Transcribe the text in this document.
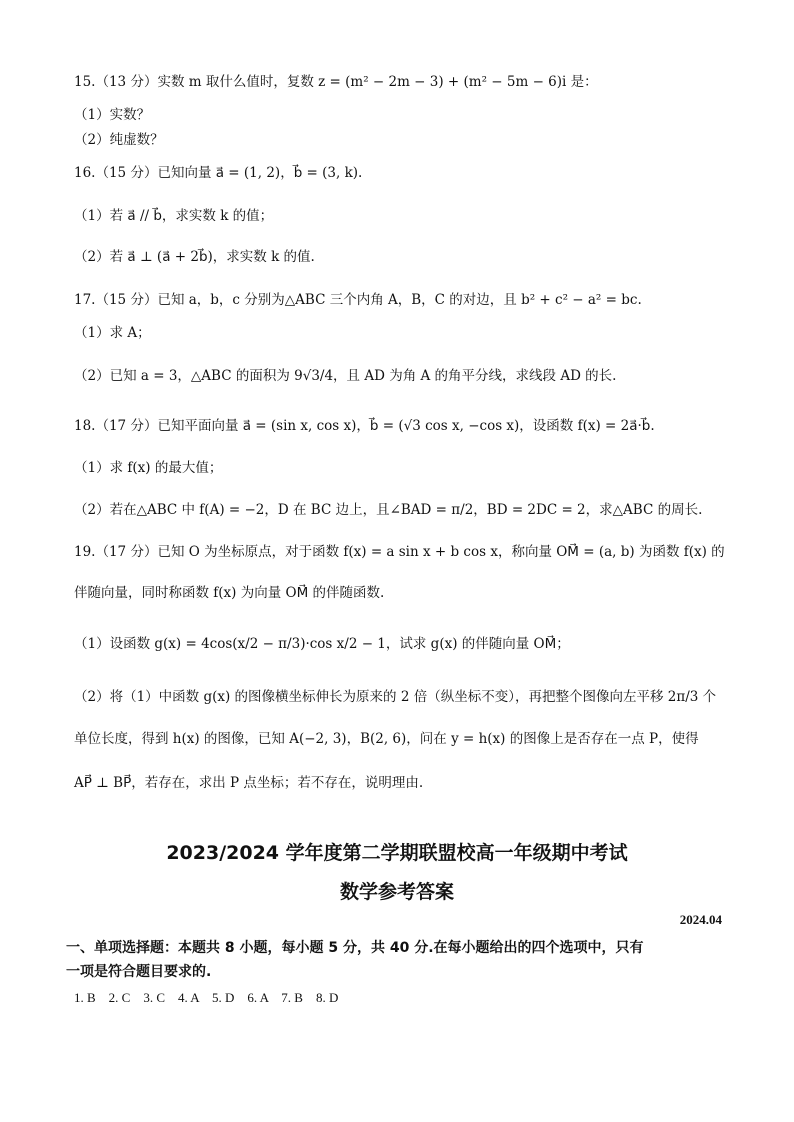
15.（13 分）实数 m 取什么值时，复数 z = (m² − 2m − 3) + (m² − 5m − 6)i 是：
（1）实数？
（2）纯虚数？
16.（15 分）已知向量 a⃗ = (1, 2)，b⃗ = (3, k).
（1）若 a⃗ // b⃗，求实数 k 的值；
（2）若 a⃗ ⊥ (a⃗ + 2b⃗)，求实数 k 的值.
17.（15 分）已知 a，b，c 分别为△ABC 三个内角 A，B，C 的对边，且 b² + c² − a² = bc.
（1）求 A；
（2）已知 a = 3，△ABC 的面积为 9√3/4，且 AD 为角 A 的角平分线，求线段 AD 的长.
18.（17 分）已知平面向量 a⃗ = (sin x, cos x)，b⃗ = (√3 cos x, −cos x)，设函数 f(x) = 2a⃗·b⃗.
（1）求 f(x) 的最大值；
（2）若在△ABC 中 f(A) = −2，D 在 BC 边上，且∠BAD = π/2，BD = 2DC = 2，求△ABC 的周长.
19.（17 分）已知 O 为坐标原点，对于函数 f(x) = a sin x + b cos x，称向量 OM⃗ = (a, b) 为函数 f(x) 的
伴随向量，同时称函数 f(x) 为向量 OM⃗ 的伴随函数.
（1）设函数 g(x) = 4cos(x/2 − π/3)·cos x/2 − 1，试求 g(x) 的伴随向量 OM⃗；
（2）将（1）中函数 g(x) 的图像横坐标伸长为原来的 2 倍（纵坐标不变），再把整个图像向左平移 2π/3 个
单位长度，得到 h(x) 的图像，已知 A(−2, 3)，B(2, 6)，问在 y = h(x) 的图像上是否存在一点 P，使得
AP⃗ ⊥ BP⃗，若存在，求出 P 点坐标；若不存在，说明理由.
2023/2024 学年度第二学期联盟校高一年级期中考试
数学参考答案
2024.04
一、单项选择题：本题共 8 小题，每小题 5 分，共 40 分.在每小题给出的四个选项中，只有
一项是符合题目要求的.
1. B    2. C    3. C    4. A    5. D    6. A    7. B    8. D
